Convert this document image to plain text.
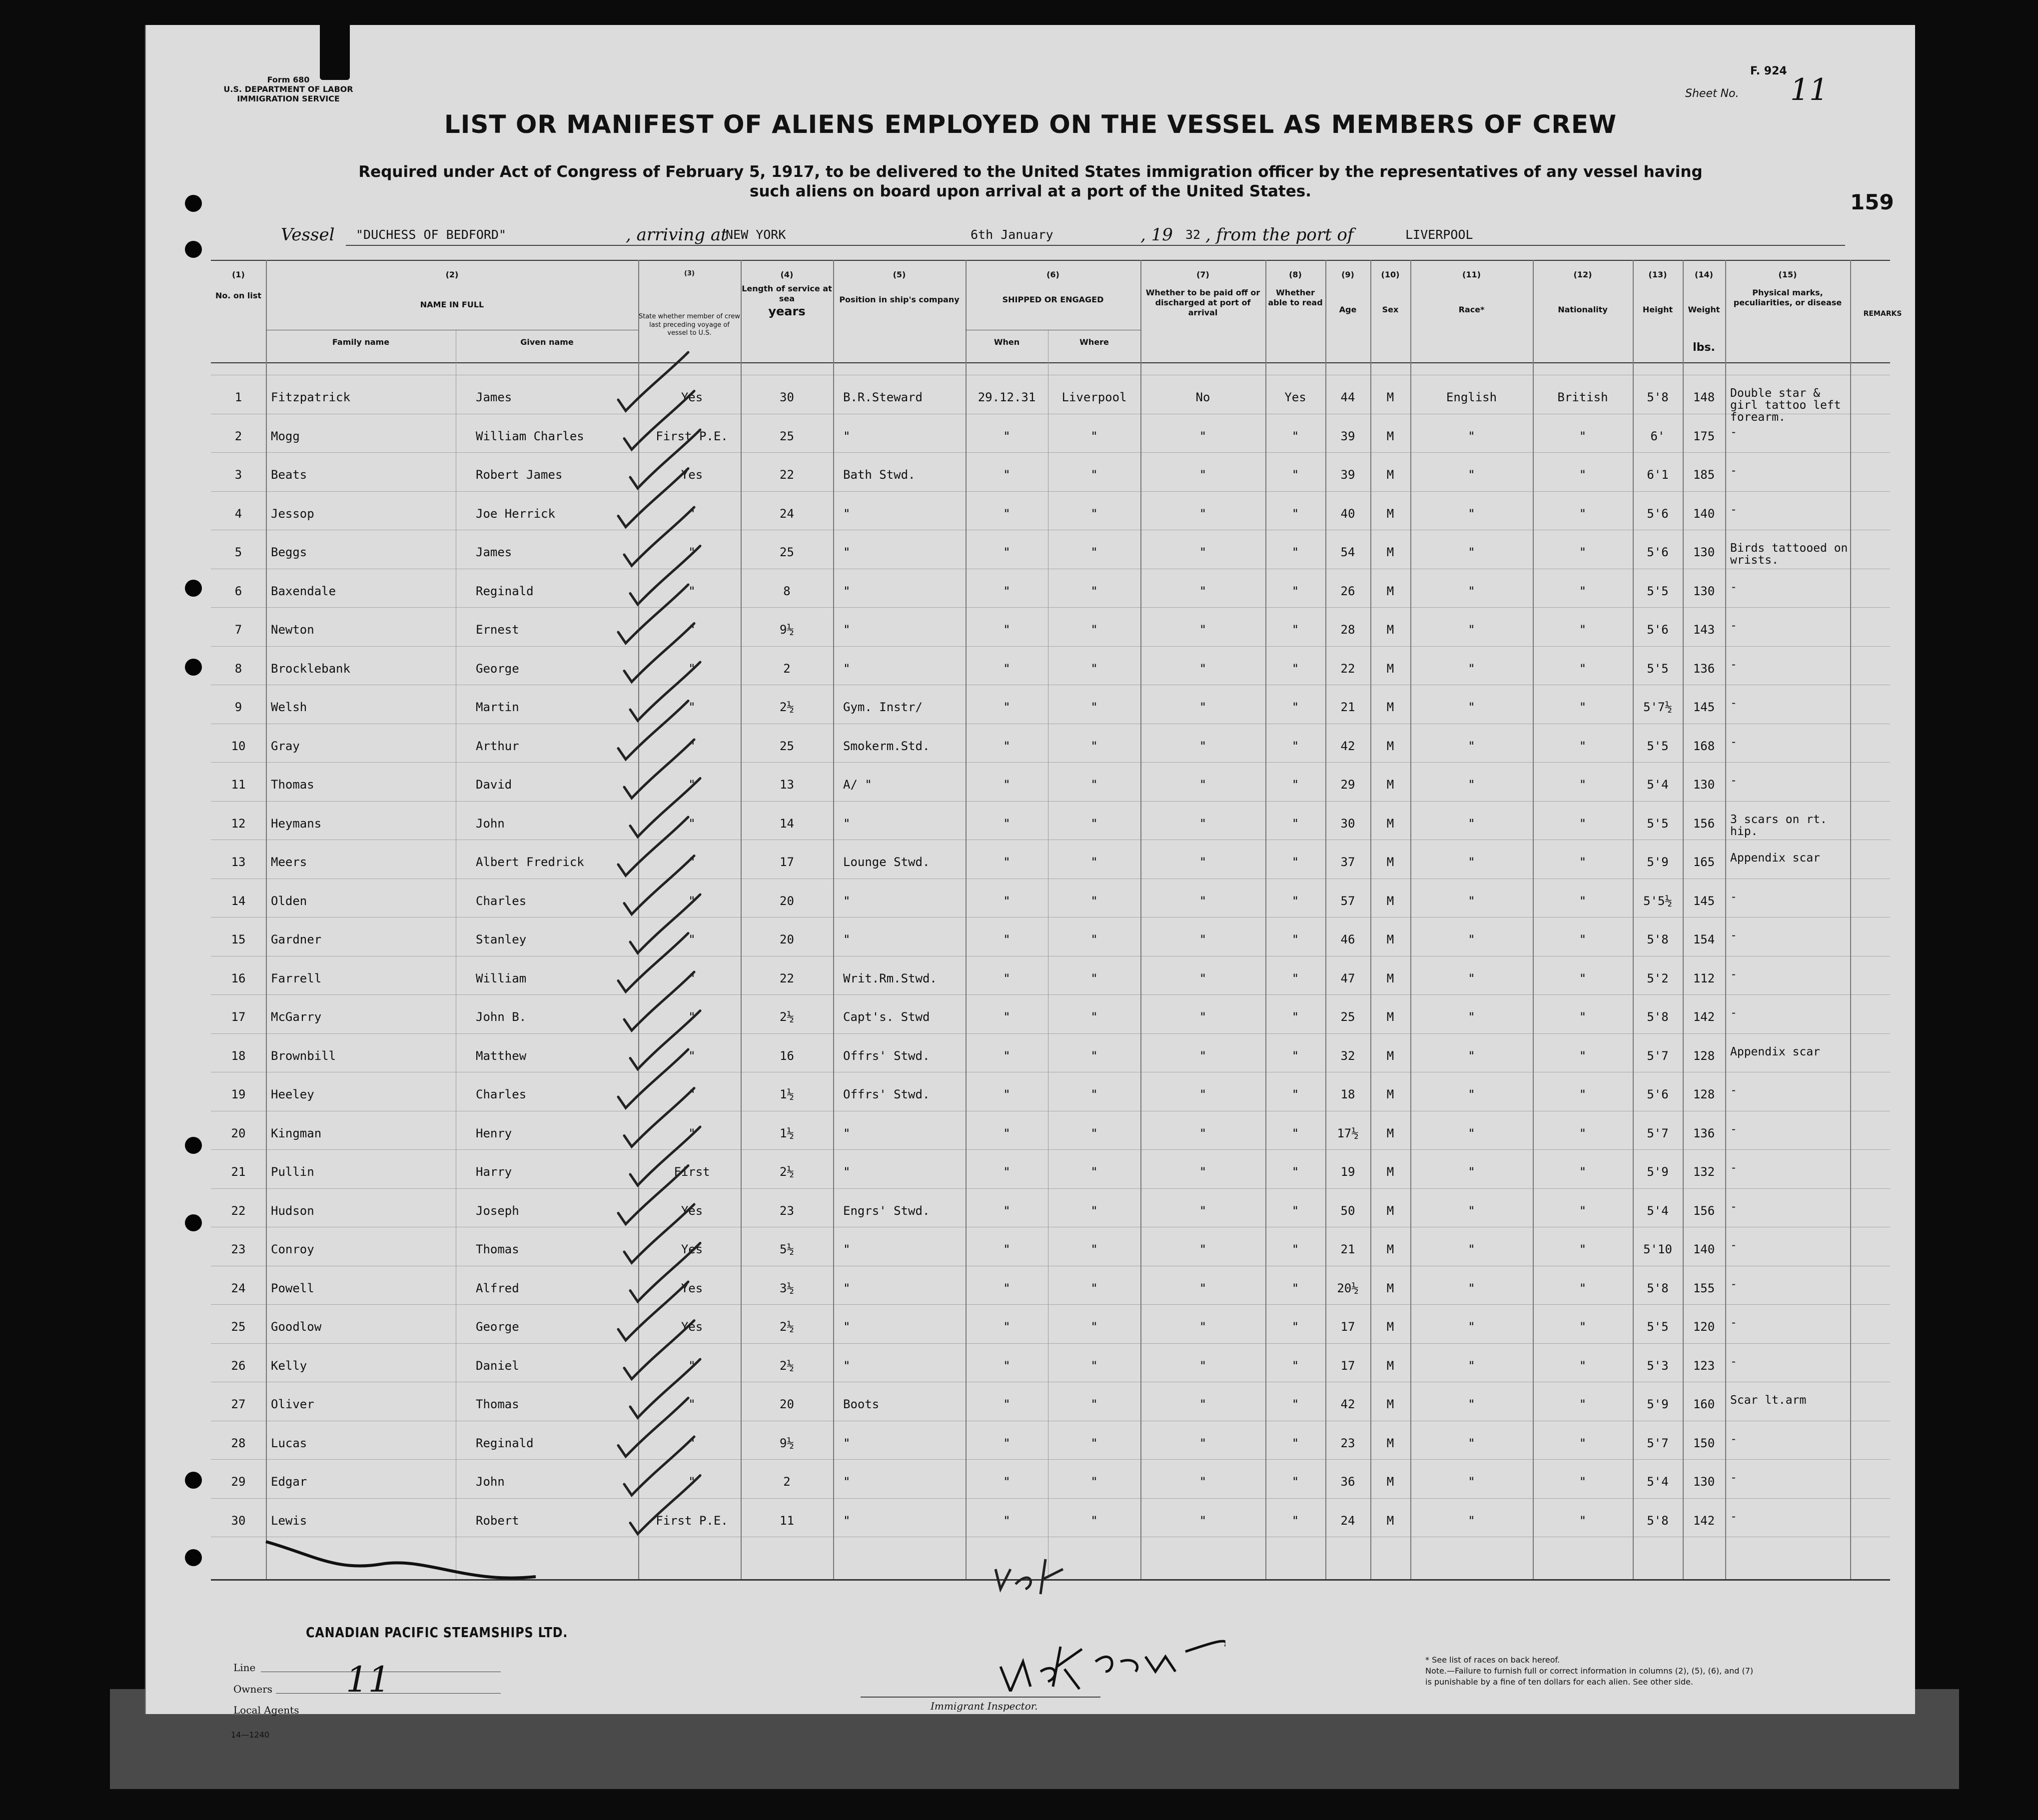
Form 680
U.S. DEPARTMENT OF LABOR
IMMIGRATION SERVICE
F. 924
Sheet No. 11
LIST OR MANIFEST OF ALIENS EMPLOYED ON THE VESSEL AS MEMBERS OF CREW
Required under Act of Congress of February 5, 1917, to be delivered to the United States immigration officer by the representatives of any vessel having such aliens on board upon arrival at a port of the United States.	159
Vessel "DUCHESS OF BEDFORD"	, arriving at
NEW YORK	6th January	, 19 32 , from the port of	LIVERPOOL
(1)
No. on list
(2)
NAME IN FULL
Family name	Given name
(3)
State whether member of crew last preceding voyage of vessel to U.S.
(4)
Length of service at sea
years
(5)
Position in ship's company
(6)
SHIPPED OR ENGAGED
When	Where
(7)
Whether to be paid off or discharged at port of arrival
(8)
Whether able to read
(9)
Age
(10)
Sex
(11)
Race*
(12)
Nationality
(13)
Height
(14)
Weight
lbs.
(15)
Physical marks, peculiarities, or disease
REMARKS
1	Fitzpatrick	James	Yes	30	B.R.Steward	29.12.31	Liverpool	No	Yes	44	M	English	British	5'8	148	Double star & girl tattoo left forearm.
2	Mogg	William Charles	First P.E.	25	"	"	"	"	"	39	M	"	"	6'	175	-
3	Beats	Robert James	Yes	22	Bath Stwd.	"	"	"	"	39	M	"	"	6'1	185	-
4	Jessop	Joe Herrick	"	24	"	"	"	"	"	40	M	"	"	5'6	140	-
5	Beggs	James	"	25	"	"	"	"	"	54	M	"	"	5'6	130	Birds tattooed on wrists.
6	Baxendale	Reginald	"	8	"	"	"	"	"	26	M	"	"	5'5	130	-
7	Newton	Ernest	"	9½	"	"	"	"	"	28	M	"	"	5'6	143	-
8	Brocklebank	George	"	2	"	"	"	"	"	22	M	"	"	5'5	136	-
9	Welsh	Martin	"	2½	Gym. Instr/	"	"	"	"	21	M	"	"	5'7½	145	-
10	Gray	Arthur	"	25	Smokerm.Std.	"	"	"	"	42	M	"	"	5'5	168	-
11	Thomas	David	"	13	A/ "	"	"	"	"	29	M	"	"	5'4	130	-
12	Heymans	John	"	14	"	"	"	"	"	30	M	"	"	5'5	156	3 scars on rt. hip.
13	Meers	Albert Fredrick	"	17	Lounge Stwd.	"	"	"	"	37	M	"	"	5'9	165	Appendix scar
14	Olden	Charles	"	20	"	"	"	"	"	57	M	"	"	5'5½	145	-
15	Gardner	Stanley	"	20	"	"	"	"	"	46	M	"	"	5'8	154	-
16	Farrell	William	"	22	Writ.Rm.Stwd.	"	"	"	"	47	M	"	"	5'2	112	-
17	McGarry	John B.	"	2½	Capt's. Stwd	"	"	"	"	25	M	"	"	5'8	142	-
18	Brownbill	Matthew	"	16	Offrs' Stwd.	"	"	"	"	32	M	"	"	5'7	128	Appendix scar
19	Heeley	Charles	"	1½	Offrs' Stwd.	"	"	"	"	18	M	"	"	5'6	128	-
20	Kingman	Henry	"	1½	"	"	"	"	"	17½	M	"	"	5'7	136	-
21	Pullin	Harry	First	2½	"	"	"	"	"	19	M	"	"	5'9	132	-
22	Hudson	Joseph	Yes	23	Engrs' Stwd.	"	"	"	"	50	M	"	"	5'4	156	-
23	Conroy	Thomas	Yes	5½	"	"	"	"	"	21	M	"	"	5'10	140	-
24	Powell	Alfred	Yes	3½	"	"	"	"	"	20½	M	"	"	5'8	155	-
25	Goodlow	George	Yes	2½	"	"	"	"	"	17	M	"	"	5'5	120	-
26	Kelly	Daniel	"	2½	"	"	"	"	"	17	M	"	"	5'3	123	-
27	Oliver	Thomas	"	20	Boots	"	"	"	"	42	M	"	"	5'9	160	Scar lt.arm
28	Lucas	Reginald	"	9½	"	"	"	"	"	23	M	"	"	5'7	150	-
29	Edgar	John	"	2	"	"	"	"	"	36	M	"	"	5'4	130	-
30	Lewis	Robert	First P.E.	11	"	"	"	"	"	24	M	"	"	5'8	142	-
CANADIAN PACIFIC STEAMSHIPS LTD.
Line
Owners
Local Agents
11
Immigrant Inspector.
14—1240
* See list of races on back hereof.
Note.—Failure to furnish full or correct information in columns (2), (5), (6), and (7) is punishable by a fine of ten dollars for each alien. See other side.
